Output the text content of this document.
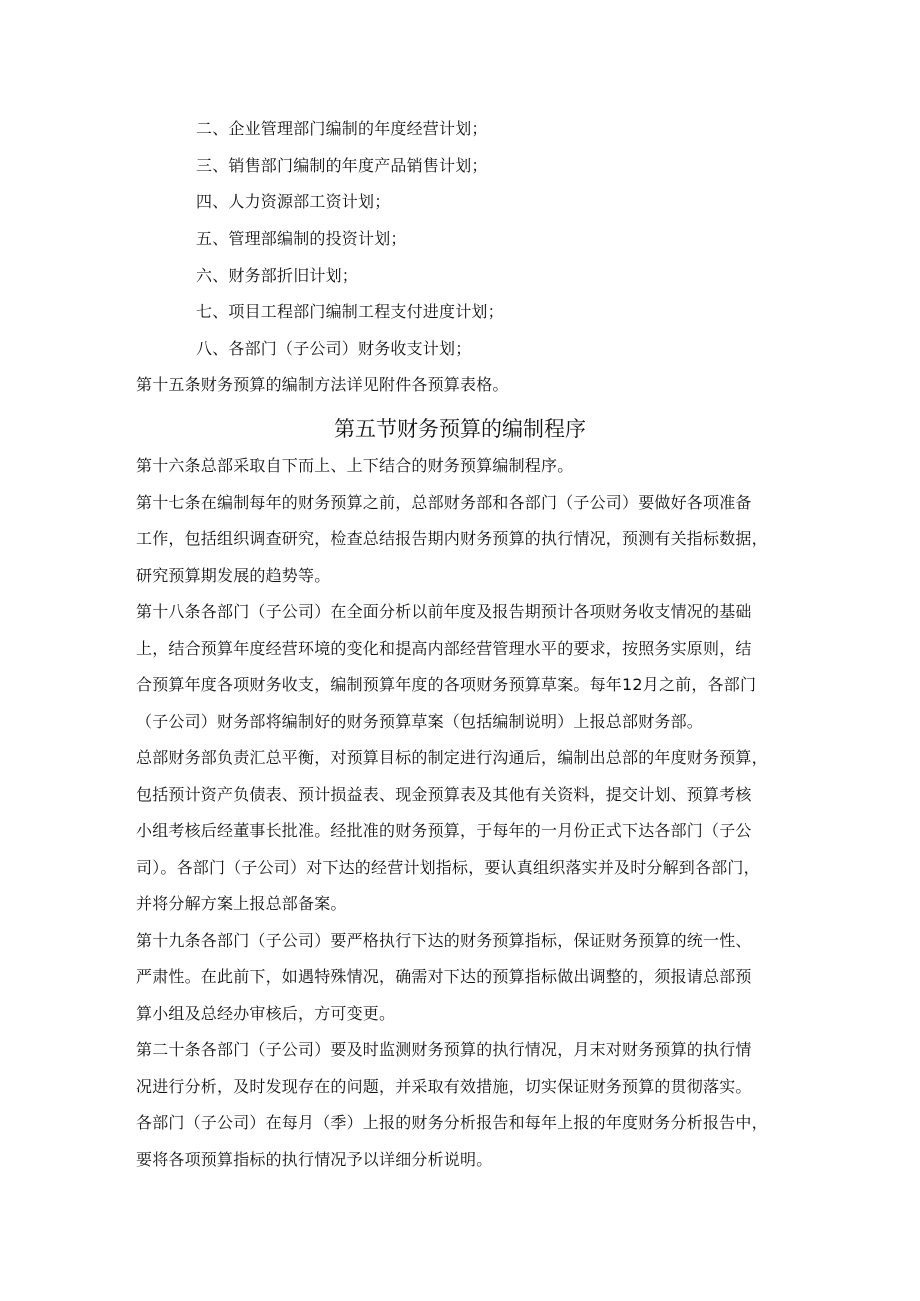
二、企业管理部门编制的年度经营计划；
三、销售部门编制的年度产品销售计划；
四、人力资源部工资计划；
五、管理部编制的投资计划；
六、财务部折旧计划；
七、项目工程部门编制工程支付进度计划；
八、各部门（子公司）财务收支计划；
第十五条财务预算的编制方法详见附件各预算表格。
第五节财务预算的编制程序
第十六条总部采取自下而上、上下结合的财务预算编制程序。
第十七条在编制每年的财务预算之前，总部财务部和各部门（子公司）要做好各项准备
工作，包括组织调查研究，检查总结报告期内财务预算的执行情况，预测有关指标数据，
研究预算期发展的趋势等。
第十八条各部门（子公司）在全面分析以前年度及报告期预计各项财务收支情况的基础
上，结合预算年度经营环境的变化和提高内部经营管理水平的要求，按照务实原则，结
合预算年度各项财务收支，编制预算年度的各项财务预算草案。每年12月之前，各部门
（子公司）财务部将编制好的财务预算草案（包括编制说明）上报总部财务部。
总部财务部负责汇总平衡，对预算目标的制定进行沟通后，编制出总部的年度财务预算，
包括预计资产负债表、预计损益表、现金预算表及其他有关资料，提交计划、预算考核
小组考核后经董事长批准。经批准的财务预算，于每年的一月份正式下达各部门（子公
司）。各部门（子公司）对下达的经营计划指标，要认真组织落实并及时分解到各部门，
并将分解方案上报总部备案。
第十九条各部门（子公司）要严格执行下达的财务预算指标，保证财务预算的统一性、
严肃性。在此前下，如遇特殊情况，确需对下达的预算指标做出调整的，须报请总部预
算小组及总经办审核后，方可变更。
第二十条各部门（子公司）要及时监测财务预算的执行情况，月末对财务预算的执行情
况进行分析，及时发现存在的问题，并采取有效措施，切实保证财务预算的贯彻落实。
各部门（子公司）在每月（季）上报的财务分析报告和每年上报的年度财务分析报告中，
要将各项预算指标的执行情况予以详细分析说明。
